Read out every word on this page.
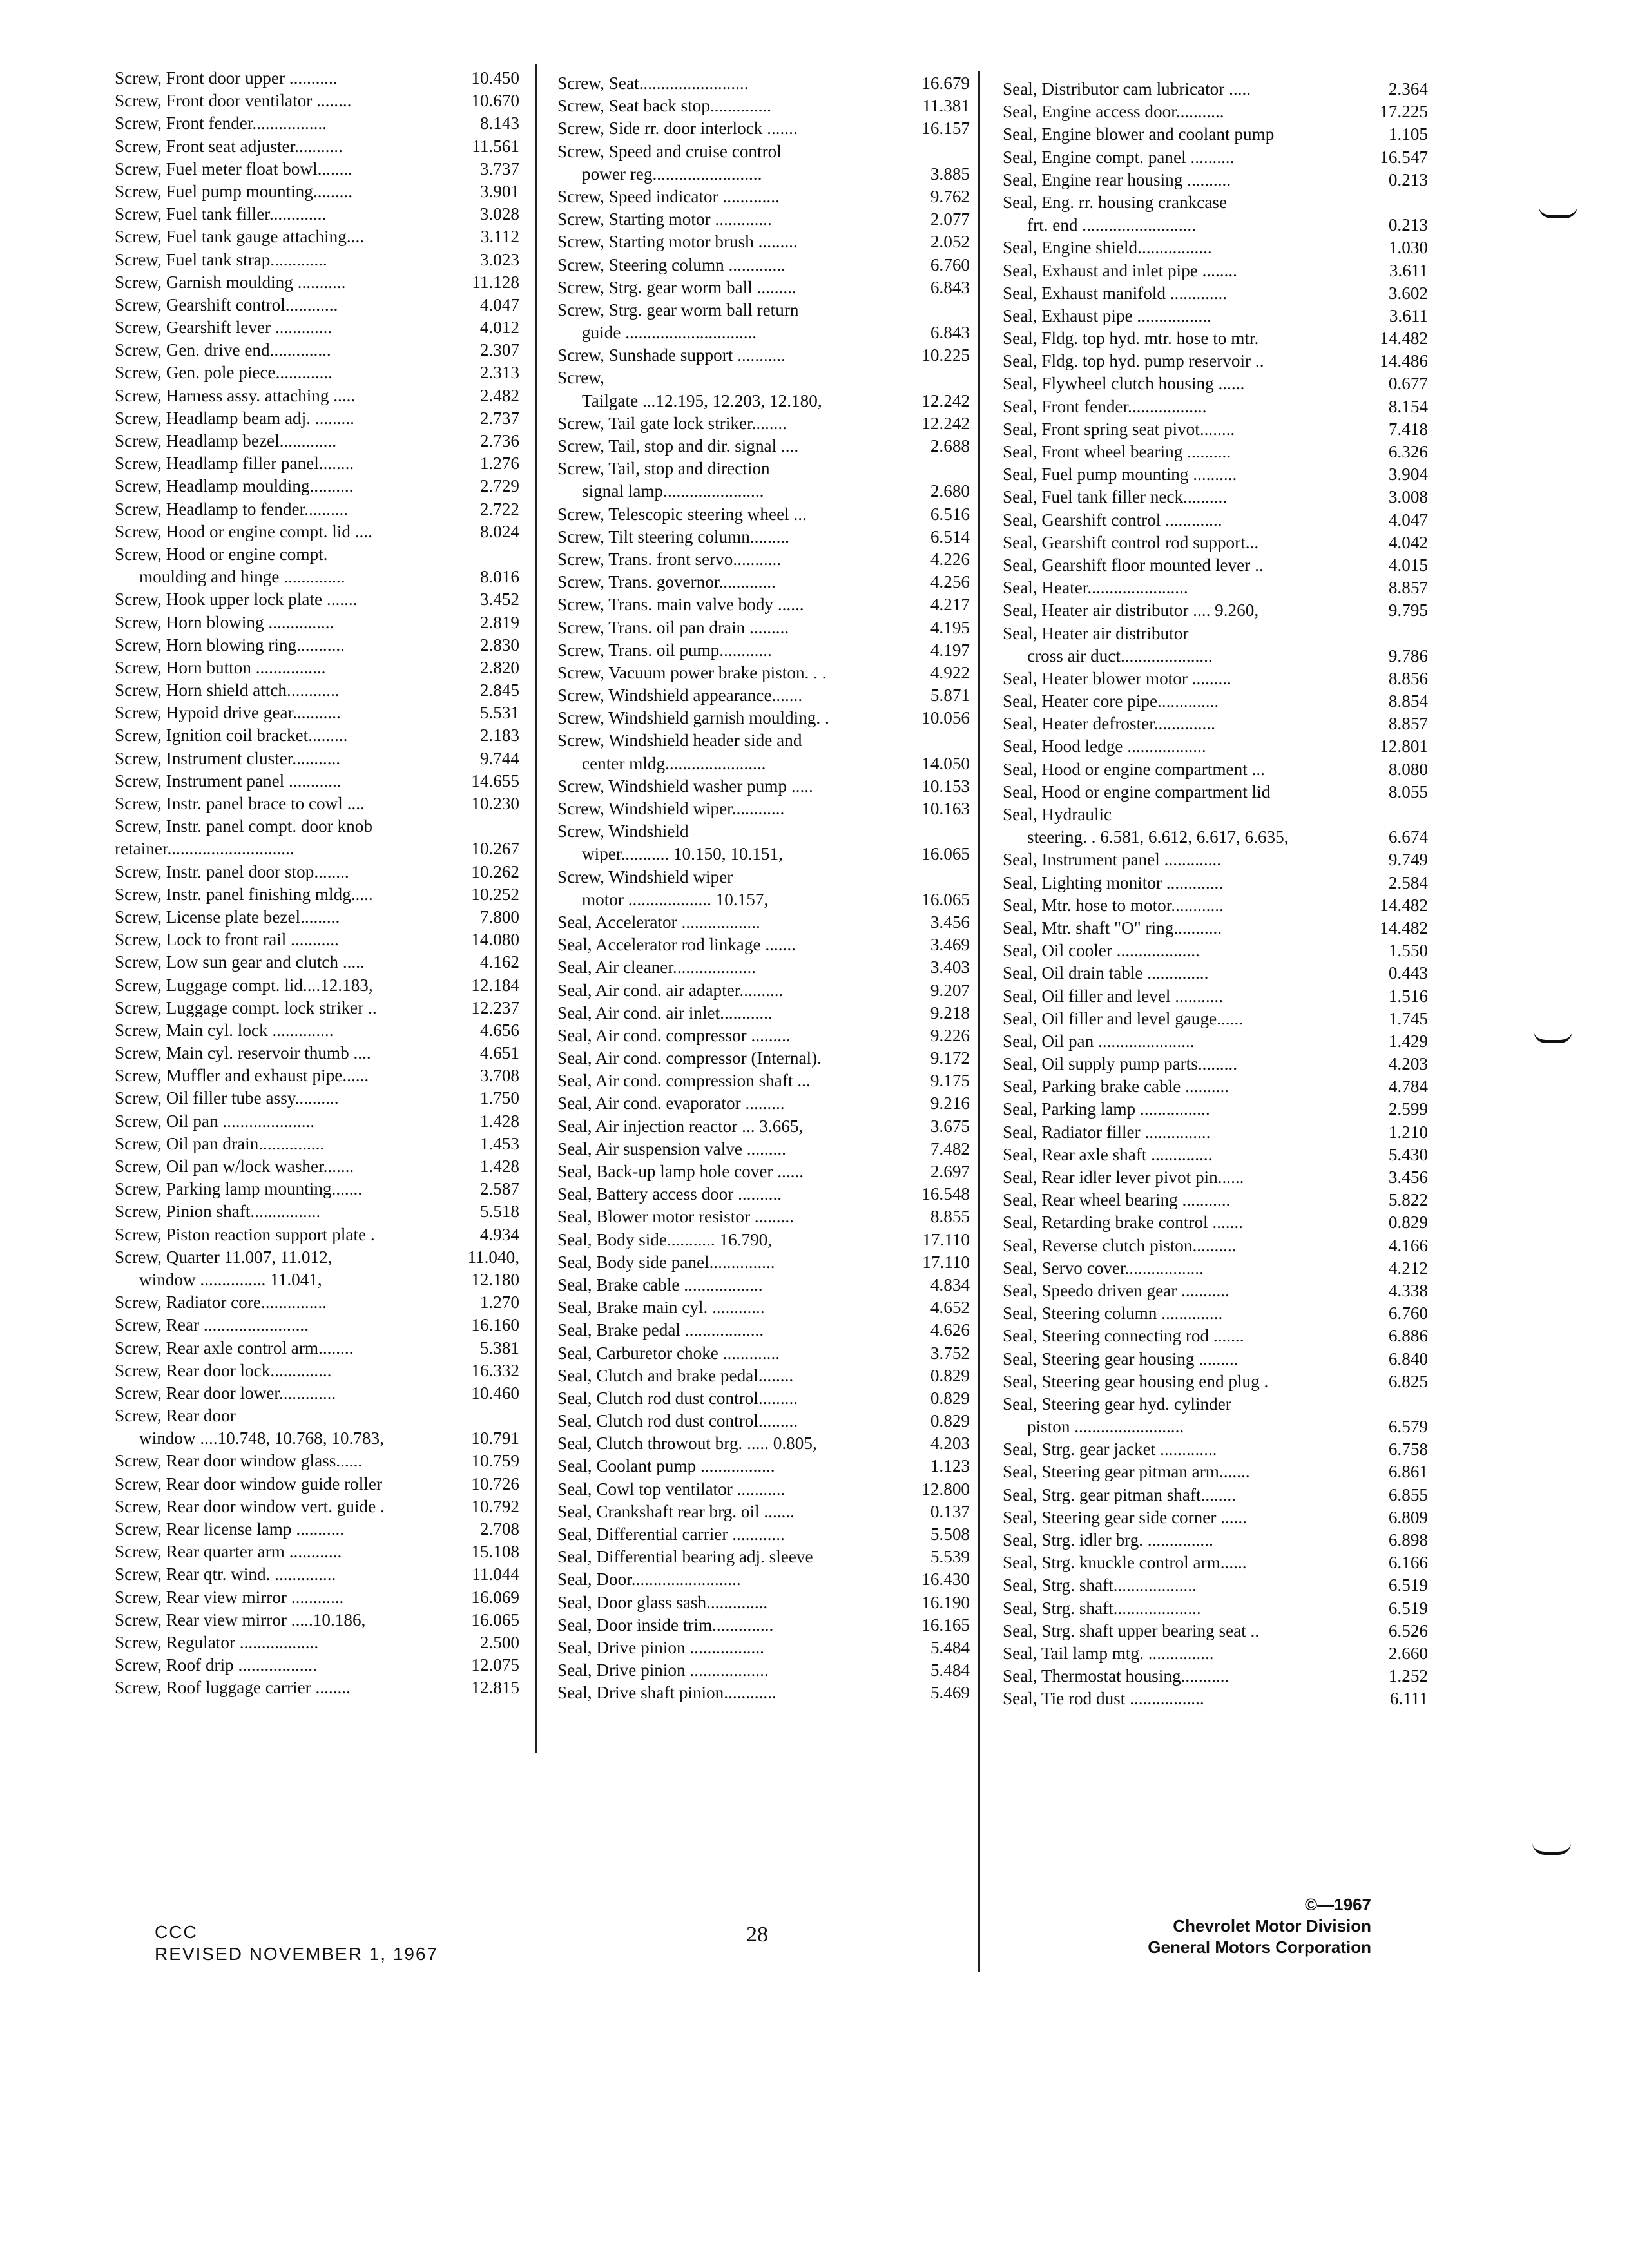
10.450
Screw, Front door upper ...........
10.670
Screw, Front door ventilator ........
8.143
Screw, Front fender.................
11.561
Screw, Front seat adjuster...........
3.737
Screw, Fuel meter float bowl........
3.901
Screw, Fuel pump mounting.........
3.028
Screw, Fuel tank filler.............
3.112
Screw, Fuel tank gauge attaching....
3.023
Screw, Fuel tank strap.............
11.128
Screw, Garnish moulding ...........
4.047
Screw, Gearshift control............
4.012
Screw, Gearshift lever .............
2.307
Screw, Gen. drive end..............
2.313
Screw, Gen. pole piece.............
2.482
Screw, Harness assy. attaching .....
2.737
Screw, Headlamp beam adj. .........
2.736
Screw, Headlamp bezel.............
1.276
Screw, Headlamp filler panel........
2.729
Screw, Headlamp moulding..........
2.722
Screw, Headlamp to fender..........
8.024
Screw, Hood or engine compt. lid ....
Screw, Hood or engine compt.
8.016
moulding and hinge ..............
3.452
Screw, Hook upper lock plate .......
2.819
Screw, Horn blowing ...............
2.830
Screw, Horn blowing ring...........
2.820
Screw, Horn button ................
2.845
Screw, Horn shield attch............
5.531
Screw, Hypoid drive gear...........
2.183
Screw, Ignition coil bracket.........
9.744
Screw, Instrument cluster...........
14.655
Screw, Instrument panel ............
10.230
Screw, Instr. panel brace to cowl ....
Screw, Instr. panel compt. door knob
10.267
retainer.............................
10.262
Screw, Instr. panel door stop........
10.252
Screw, Instr. panel finishing mldg.....
7.800
Screw, License plate bezel.........
14.080
Screw, Lock to front rail ...........
4.162
Screw, Low sun gear and clutch .....
12.184
Screw, Luggage compt. lid....12.183,
12.237
Screw, Luggage compt. lock striker ..
4.656
Screw, Main cyl. lock ..............
4.651
Screw, Main cyl. reservoir thumb ....
3.708
Screw, Muffler and exhaust pipe......
1.750
Screw, Oil filler tube assy..........
1.428
Screw, Oil pan .....................
1.453
Screw, Oil pan drain...............
1.428
Screw, Oil pan w/lock washer.......
2.587
Screw, Parking lamp mounting.......
5.518
Screw, Pinion shaft................
4.934
Screw, Piston reaction support plate .
11.040,
Screw, Quarter 11.007, 11.012,
12.180
window ............... 11.041,
1.270
Screw, Radiator core...............
16.160
Screw, Rear ........................
5.381
Screw, Rear axle control arm........
16.332
Screw, Rear door lock..............
10.460
Screw, Rear door lower.............
Screw, Rear door
10.791
window ....10.748, 10.768, 10.783,
10.759
Screw, Rear door window glass......
10.726
Screw, Rear door window guide roller
10.792
Screw, Rear door window vert. guide .
2.708
Screw, Rear license lamp ...........
15.108
Screw, Rear quarter arm ............
11.044
Screw, Rear qtr. wind. ..............
16.069
Screw, Rear view mirror ............
16.065
Screw, Rear view mirror .....10.186,
2.500
Screw, Regulator ..................
12.075
Screw, Roof drip ..................
12.815
Screw, Roof luggage carrier ........
16.679
Screw, Seat.........................
11.381
Screw, Seat back stop..............
16.157
Screw, Side rr. door interlock .......
Screw, Speed and cruise control
3.885
power reg.........................
9.762
Screw, Speed indicator .............
2.077
Screw, Starting motor .............
2.052
Screw, Starting motor brush .........
6.760
Screw, Steering column .............
6.843
Screw, Strg. gear worm ball .........
Screw, Strg. gear worm ball return
6.843
guide ..............................
10.225
Screw, Sunshade support ...........
Screw,
12.242
Tailgate ...12.195, 12.203, 12.180,
12.242
Screw, Tail gate lock striker........
2.688
Screw, Tail, stop and dir. signal ....
Screw, Tail, stop and direction
2.680
signal lamp.......................
6.516
Screw, Telescopic steering wheel ...
6.514
Screw, Tilt steering column.........
4.226
Screw, Trans. front servo...........
4.256
Screw, Trans. governor.............
4.217
Screw, Trans. main valve body ......
4.195
Screw, Trans. oil pan drain .........
4.197
Screw, Trans. oil pump............
4.922
Screw, Vacuum power brake piston. . .
5.871
Screw, Windshield appearance.......
10.056
Screw, Windshield garnish moulding. .
Screw, Windshield header side and
14.050
center mldg.......................
10.153
Screw, Windshield washer pump .....
10.163
Screw, Windshield wiper............
Screw, Windshield
16.065
wiper........... 10.150, 10.151,
Screw, Windshield wiper
16.065
motor ................... 10.157,
3.456
Seal, Accelerator ..................
3.469
Seal, Accelerator rod linkage .......
3.403
Seal, Air cleaner...................
9.207
Seal, Air cond. air adapter..........
9.218
Seal, Air cond. air inlet............
9.226
Seal, Air cond. compressor .........
9.172
Seal, Air cond. compressor (Internal).
9.175
Seal, Air cond. compression shaft ...
9.216
Seal, Air cond. evaporator .........
3.675
Seal, Air injection reactor ... 3.665,
7.482
Seal, Air suspension valve .........
2.697
Seal, Back-up lamp hole cover ......
16.548
Seal, Battery access door ..........
8.855
Seal, Blower motor resistor .........
17.110
Seal, Body side........... 16.790,
17.110
Seal, Body side panel...............
4.834
Seal, Brake cable ..................
4.652
Seal, Brake main cyl. ............
4.626
Seal, Brake pedal ..................
3.752
Seal, Carburetor choke .............
0.829
Seal, Clutch and brake pedal........
0.829
Seal, Clutch rod dust control.........
0.829
Seal, Clutch rod dust control.........
4.203
Seal, Clutch throwout brg. ..... 0.805,
1.123
Seal, Coolant pump .................
12.800
Seal, Cowl top ventilator ...........
0.137
Seal, Crankshaft rear brg. oil .......
5.508
Seal, Differential carrier ............
5.539
Seal, Differential bearing adj. sleeve
16.430
Seal, Door.........................
16.190
Seal, Door glass sash..............
16.165
Seal, Door inside trim..............
5.484
Seal, Drive pinion .................
5.484
Seal, Drive pinion ..................
5.469
Seal, Drive shaft pinion............
2.364
Seal, Distributor cam lubricator .....
17.225
Seal, Engine access door...........
1.105
Seal, Engine blower and coolant pump
16.547
Seal, Engine compt. panel ..........
0.213
Seal, Engine rear housing ..........
Seal, Eng. rr. housing crankcase
0.213
frt. end ..........................
1.030
Seal, Engine shield.................
3.611
Seal, Exhaust and inlet pipe ........
3.602
Seal, Exhaust manifold .............
3.611
Seal, Exhaust pipe .................
14.482
Seal, Fldg. top hyd. mtr. hose to mtr.
14.486
Seal, Fldg. top hyd. pump reservoir ..
0.677
Seal, Flywheel clutch housing ......
8.154
Seal, Front fender..................
7.418
Seal, Front spring seat pivot........
6.326
Seal, Front wheel bearing ..........
3.904
Seal, Fuel pump mounting ..........
3.008
Seal, Fuel tank filler neck..........
4.047
Seal, Gearshift control .............
4.042
Seal, Gearshift control rod support...
4.015
Seal, Gearshift floor mounted lever ..
8.857
Seal, Heater.......................
9.795
Seal, Heater air distributor .... 9.260,
Seal, Heater air distributor
9.786
cross air duct.....................
8.856
Seal, Heater blower motor .........
8.854
Seal, Heater core pipe..............
8.857
Seal, Heater defroster..............
12.801
Seal, Hood ledge ..................
8.080
Seal, Hood or engine compartment ...
8.055
Seal, Hood or engine compartment lid
Seal, Hydraulic
6.674
steering. . 6.581, 6.612, 6.617, 6.635,
9.749
Seal, Instrument panel .............
2.584
Seal, Lighting monitor .............
14.482
Seal, Mtr. hose to motor............
14.482
Seal, Mtr. shaft "O" ring...........
1.550
Seal, Oil cooler ...................
0.443
Seal, Oil drain table ..............
1.516
Seal, Oil filler and level ...........
1.745
Seal, Oil filler and level gauge......
1.429
Seal, Oil pan ......................
4.203
Seal, Oil supply pump parts.........
4.784
Seal, Parking brake cable ..........
2.599
Seal, Parking lamp ................
1.210
Seal, Radiator filler ...............
5.430
Seal, Rear axle shaft ..............
3.456
Seal, Rear idler lever pivot pin......
5.822
Seal, Rear wheel bearing ...........
0.829
Seal, Retarding brake control .......
4.166
Seal, Reverse clutch piston..........
4.212
Seal, Servo cover..................
4.338
Seal, Speedo driven gear ...........
6.760
Seal, Steering column ..............
6.886
Seal, Steering connecting rod .......
6.840
Seal, Steering gear housing .........
6.825
Seal, Steering gear housing end plug .
Seal, Steering gear hyd. cylinder
6.579
piston .........................
6.758
Seal, Strg. gear jacket .............
6.861
Seal, Steering gear pitman arm.......
6.855
Seal, Strg. gear pitman shaft........
6.809
Seal, Steering gear side corner ......
6.898
Seal, Strg. idler brg. ...............
6.166
Seal, Strg. knuckle control arm......
6.519
Seal, Strg. shaft...................
6.519
Seal, Strg. shaft....................
6.526
Seal, Strg. shaft upper bearing seat ..
2.660
Seal, Tail lamp mtg. ...............
1.252
Seal, Thermostat housing...........
6.111
Seal, Tie rod dust .................
CCC
REVISED NOVEMBER 1, 1967
28
©—1967
Chevrolet Motor Division
General Motors Corporation
